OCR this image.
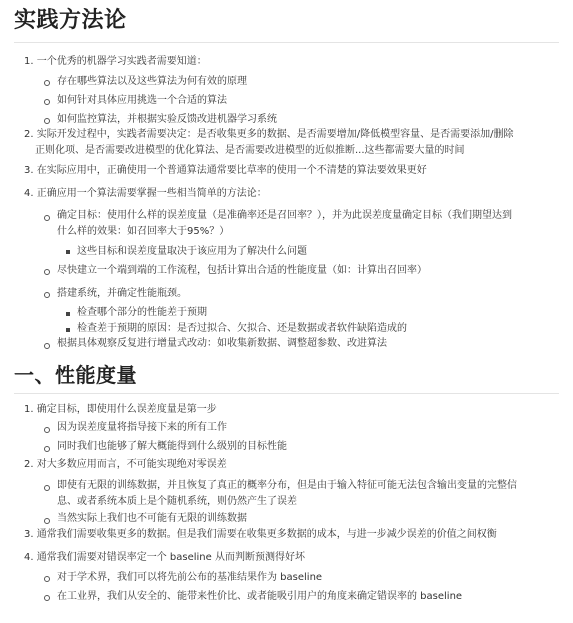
实践方法论
1. 一个优秀的机器学习实践者需要知道：
存在哪些算法以及这些算法为何有效的原理
如何针对具体应用挑选一个合适的算法
如何监控算法，并根据实验反馈改进机器学习系统
2. 实际开发过程中，实践者需要决定：是否收集更多的数据、是否需要增加/降低模型容量、是否需要添加/删除
正则化项、是否需要改进模型的优化算法、是否需要改进模型的近似推断...这些都需要大量的时间
3. 在实际应用中，正确使用一个普通算法通常要比草率的使用一个不清楚的算法要效果更好
4. 正确应用一个算法需要掌握一些相当简单的方法论：
确定目标：使用什么样的误差度量（是准确率还是召回率？），并为此误差度量确定目标（我们期望达到
什么样的效果：如召回率大于95%？）
这些目标和误差度量取决于该应用为了解决什么问题
尽快建立一个端到端的工作流程，包括计算出合适的性能度量（如：计算出召回率）
搭建系统，并确定性能瓶颈。
检查哪个部分的性能差于预期
检查差于预期的原因：是否过拟合、欠拟合、还是数据或者软件缺陷造成的
根据具体观察反复进行增量式改动：如收集新数据、调整超参数、改进算法
一、性能度量
1. 确定目标，即使用什么误差度量是第一步
因为误差度量将指导接下来的所有工作
同时我们也能够了解大概能得到什么级别的目标性能
2. 对大多数应用而言，不可能实现绝对零误差
即使有无限的训练数据，并且恢复了真正的概率分布，但是由于输入特征可能无法包含输出变量的完整信
息、或者系统本质上是个随机系统，则仍然产生了误差
当然实际上我们也不可能有无限的训练数据
3. 通常我们需要收集更多的数据。但是我们需要在收集更多数据的成本，与进一步减少误差的价值之间权衡
4. 通常我们需要对错误率定一个 baseline 从而判断预测得好坏
对于学术界，我们可以将先前公布的基准结果作为 baseline
在工业界，我们从安全的、能带来性价比、或者能吸引用户的角度来确定错误率的 baseline
